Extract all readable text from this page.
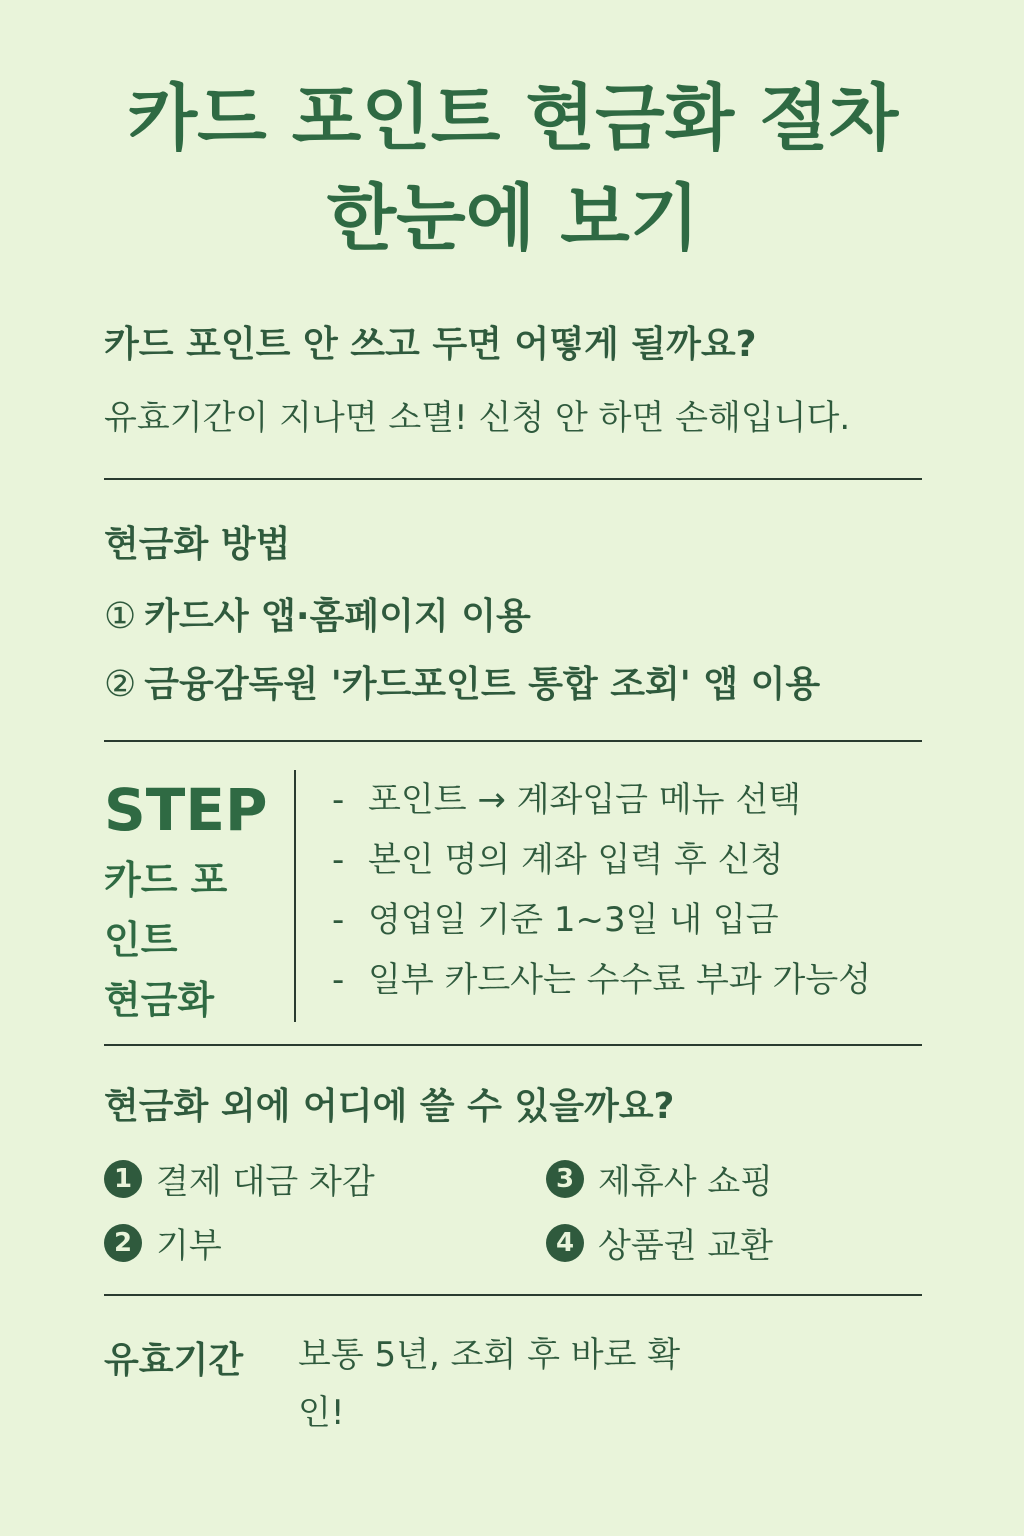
카드 포인트 현금화 절차
한눈에 보기
카드 포인트 안 쓰고 두면 어떻게 될까요?

유효기간이 지나면 소멸! 신청 안 하면 손해입니다.

현금화 방법
① 카드사 앱·홈페이지 이용
② 금융감독원 '카드포인트 통합 조회' 앱 이용
STEP
카드 포
인트
현금화
- 포인트 → 계좌입금 메뉴 선택
- 본인 명의 계좌 입력 후 신청
- 영업일 기준 1~3일 내 입금
- 일부 카드사는 수수료 부과 가능성
현금화 외에 어디에 쓸 수 있을까요?
1 결제 대금 차감
2 기부
3 제휴사 쇼핑
4 상품권 교환
유효기간 보통 5년, 조회 후 바로 확인!
